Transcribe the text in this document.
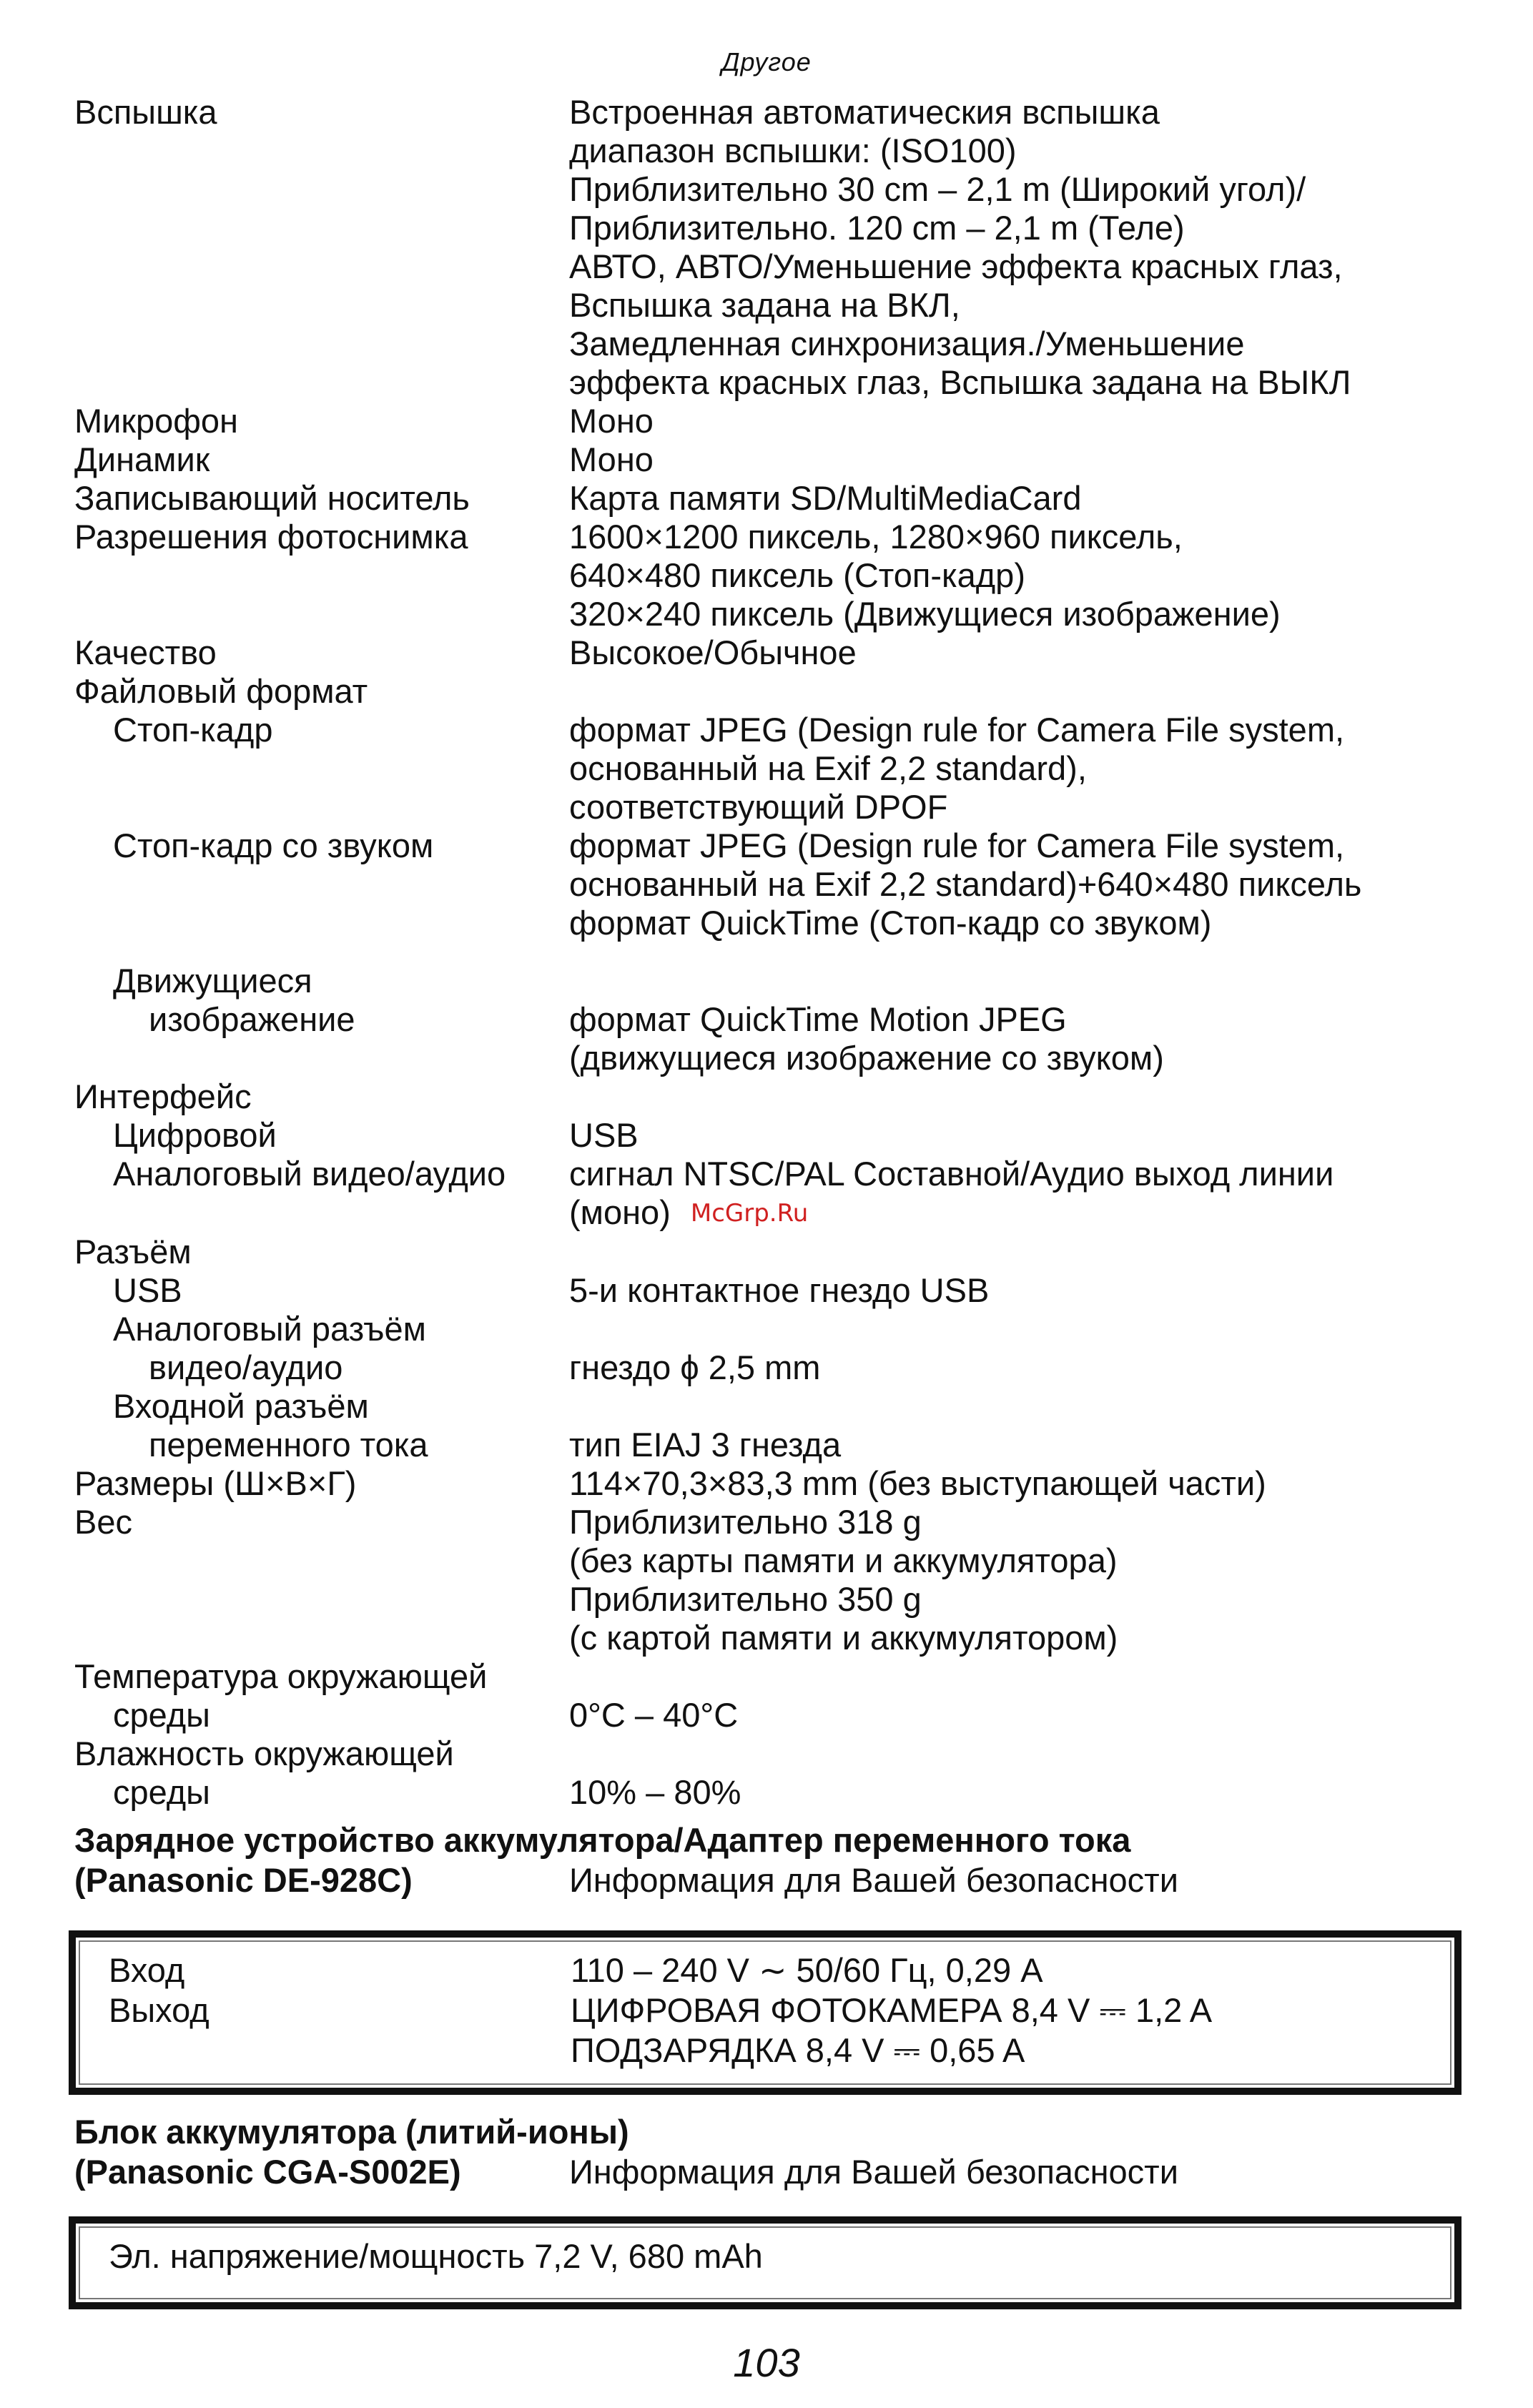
Другое
Вспышка	Встроенная автоматическия вспышка
диапазон вспышки: (ISO100)
Приблизительно 30 cm – 2,1 m (Широкий угол)/
Приблизительно. 120 cm – 2,1 m (Теле)
АВТО, АВТО/Уменьшение эффекта красных глаз,
Вспышка задана на ВКЛ,
Замедленная синхронизация./Уменьшение
эффекта красных глаз, Вспышка задана на ВЫКЛ
Микрофон	Моно
Динамик	Моно
Записывающий носитель	Карта памяти SD/MultiMediaCard
Разрешения фотоснимка	1600×1200 пиксель, 1280×960 пиксель,
640×480 пиксель (Стоп-кадр)
320×240 пиксель (Движущиеся изображение)
Качество	Высокое/Обычное
Файловый формат
Стоп-кадр	формат JPEG (Design rule for Camera File system,
основанный на Exif 2,2 standard),
соответствующий DPOF
Стоп-кадр со звуком	формат JPEG (Design rule for Camera File system,
основанный на Exif 2,2 standard)+640×480 пиксель
формат QuickTime (Стоп-кадр со звуком)
Движущиеся
изображение	формат QuickTime Motion JPEG
(движущиеся изображение со звуком)
Интерфейс
Цифровой	USB
Аналоговый видео/аудио	сигнал NTSC/PAL Составной/Аудио выход линии
(моно) McGrp.Ru
Разъём
USB	5-и контактное гнездо USB
Аналоговый разъём
видео/аудио	гнездо ϕ 2,5 mm
Входной разъём
переменного тока	тип EIAJ 3 гнезда
Размеры (Ш×В×Г)	114×70,3×83,3 mm (без выступающей части)
Вес	Приблизительно 318 g
(без карты памяти и аккумулятора)
Приблизительно 350 g
(с картой памяти и аккумулятором)
Температура окружающей
среды	0°C – 40°C
Влажность окружающей
среды	10% – 80%
Зарядное устройство аккумулятора/Адаптер переменного тока
(Panasonic DE-928C)	Информация для Вашей безопасности
Вход	110 – 240 V ∼ 50/60 Гц, 0,29 A
Выход	ЦИФРОВАЯ ФОТОКАМЕРА 8,4 V ⎓ 1,2 A
ПОДЗАРЯДКА 8,4 V ⎓ 0,65 A
Блок аккумулятора (литий-ионы)
(Panasonic CGA-S002E)	Информация для Вашей безопасности
Эл. напряжение/мощность 7,2 V, 680 mAh
103
